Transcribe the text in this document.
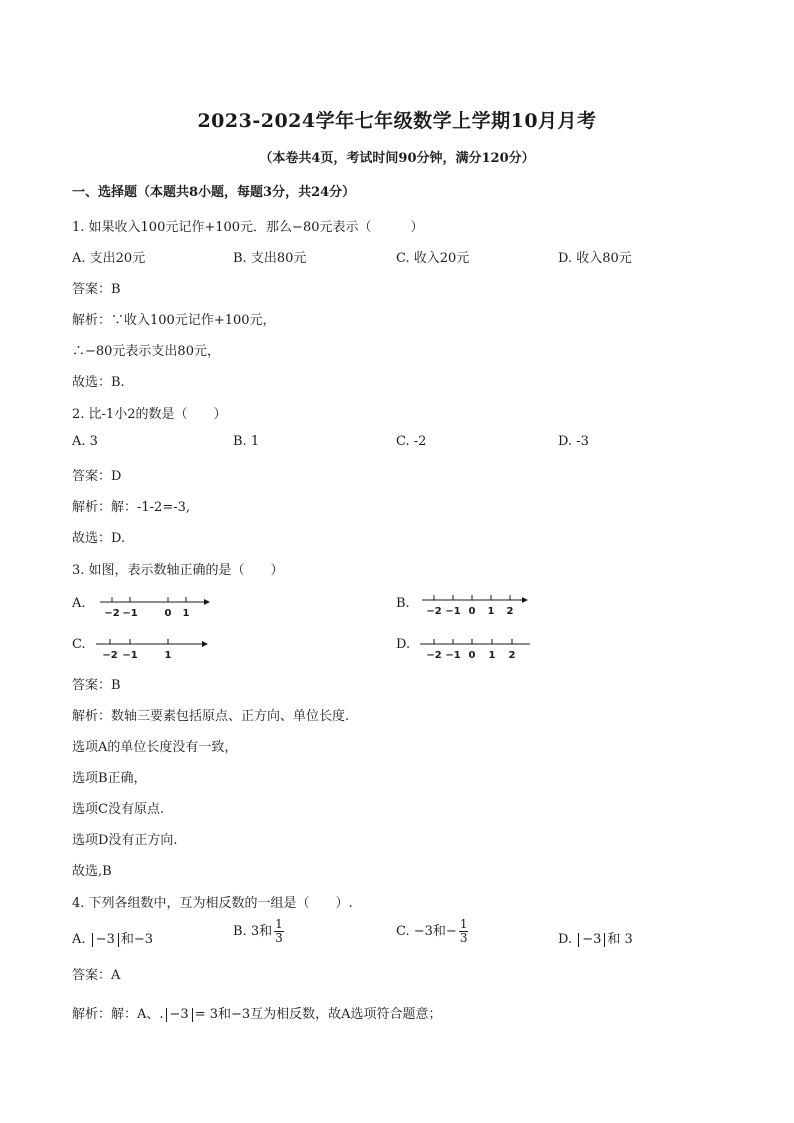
2023-2024学年七年级数学上学期10月月考
（本卷共4页，考试时间90分钟，满分120分）
一、选择题（本题共8小题，每题3分，共24分）
1. 如果收入100元记作+100元．那么−80元表示（　　　）
A. 支出20元	B. 支出80元	C. 收入20元	D. 收入80元
答案：B
解析：∵收入100元记作+100元，
∴−80元表示支出80元，
故选：B.
2. 比-1小2的数是（　　）
A. 3	B. 1	C. -2	D. -3
答案：D
解析：解：-1-2=-3,
故选：D.
3. 如图，表示数轴正确的是（　　）
A.
−2 −1	0 1
B.
−2 −1 0 1 2
C.
−2 −1	1
D.
−2 −1 0 1 2
答案：B
解析：数轴三要素包括原点、正方向、单位长度.
选项A的单位长度没有一致，
选项B正确，
选项C没有原点.
选项D没有正方向.
故选,B
4. 下列各组数中，互为相反数的一组是（　　）.
A. −3 和−3
B. 3和 $\frac{1}{3}$	C. −3和− $\frac{1}{3}$	D. −3 和 3
答案：A
解析：解：A、. −3 = 3和−3互为相反数，故A选项符合题意；
